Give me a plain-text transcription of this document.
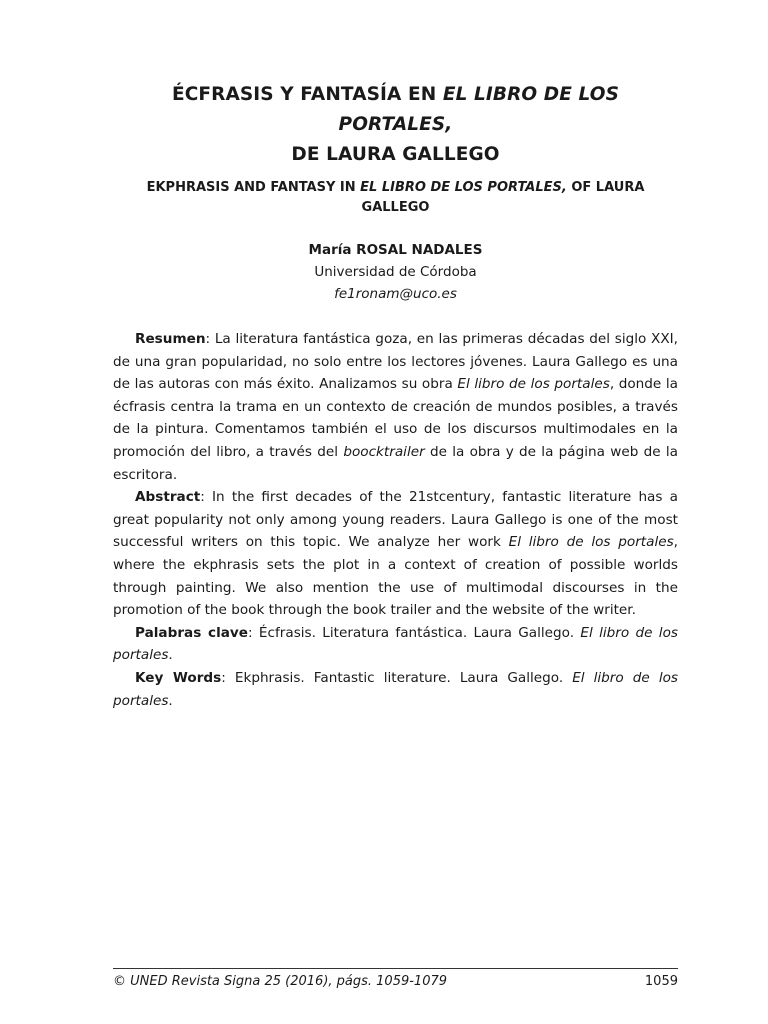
ÉCFRASIS Y FANTASÍA EN EL LIBRO DE LOS PORTALES,
DE LAURA GALLEGO
EKPHRASIS AND FANTASY IN EL LIBRO DE LOS PORTALES, OF LAURA GALLEGO
María ROSAL NADALES
Universidad de Córdoba
fe1ronam@uco.es

Resumen: La literatura fantástica goza, en las primeras décadas del siglo XXI, de una gran popularidad, no solo entre los lectores jóvenes. Laura Gallego es una de las autoras con más éxito. Analizamos su obra El libro de los portales, donde la écfrasis centra la trama en un contexto de creación de mundos posibles, a través de la pintura. Comentamos también el uso de los discursos multimodales en la promoción del libro, a través del boocktrailer de la obra y de la página web de la escritora.

Abstract: In the first decades of the 21stcentury, fantastic literature has a great popularity not only among young readers. Laura Gallego is one of the most successful writers on this topic. We analyze her work El libro de los portales, where the ekphrasis sets the plot in a context of creation of possible worlds through painting. We also mention the use of multimodal discourses in the promotion of the book through the book trailer and the website of the writer.

Palabras clave: Écfrasis. Literatura fantástica. Laura Gallego. El libro de los portales.

Key Words: Ekphrasis. Fantastic literature. Laura Gallego. El libro de los portales.

© UNED Revista Signa 25 (2016), págs. 1059-1079	1059
